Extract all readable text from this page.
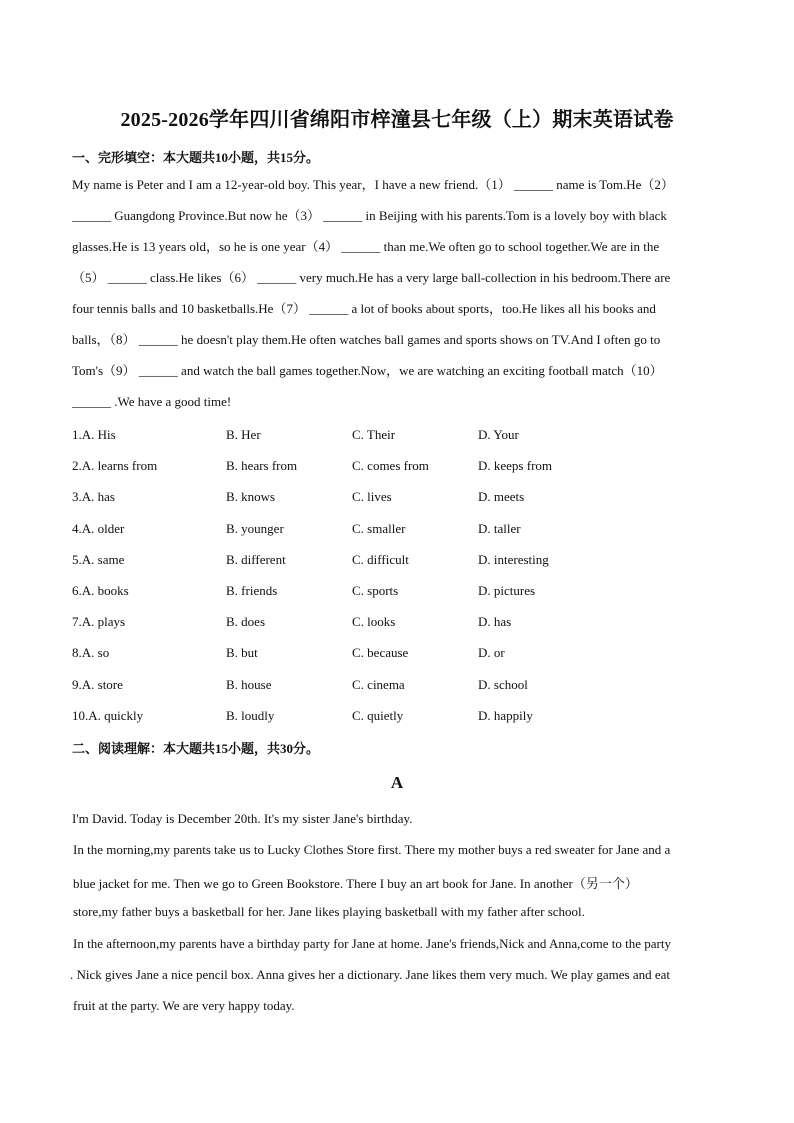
2025-2026学年四川省绵阳市梓潼县七年级（上）期末英语试卷
一、完形填空：本大题共10小题，共15分。
My name is Peter and I am a 12-year-old boy. This year，I have a new friend.（1） ______ name is Tom.He（2）
______ Guangdong Province.But now he（3） ______ in Beijing with his parents.Tom is a lovely boy with black
glasses.He is 13 years old，so he is one year（4） ______ than me.We often go to school together.We are in the
（5） ______ class.He likes（6） ______ very much.He has a very large ball-collection in his bedroom.There are
four tennis balls and 10 basketballs.He（7） ______ a lot of books about sports，too.He likes all his books and
balls，（8） ______ he doesn't play them.He often watches ball games and sports shows on TV.And I often go to
Tom's（9） ______ and watch the ball games together.Now，we are watching an exciting football match（10）
______ .We have a good time!
1.A. His	B. Her	C. Their	D. Your
2.A. learns from	B. hears from	C. comes from	D. keeps from
3.A. has	B. knows	C. lives	D. meets
4.A. older	B. younger	C. smaller	D. taller
5.A. same	B. different	C. difficult	D. interesting
6.A. books	B. friends	C. sports	D. pictures
7.A. plays	B. does	C. looks	D. has
8.A. so	B. but	C. because	D. or
9.A. store	B. house	C. cinema	D. school
10.A. quickly	B. loudly	C. quietly	D. happily
二、阅读理解：本大题共15小题，共30分。
A
I'm David. Today is December 20th. It's my sister Jane's birthday.
In the morning,my parents take us to Lucky Clothes Store first. There my mother buys a red sweater for Jane and a
blue jacket for me. Then we go to Green Bookstore. There I buy an art book for Jane. In another（另一个）
store,my father buys a basketball for her. Jane likes playing basketball with my father after school.
In the afternoon,my parents have a birthday party for Jane at home. Jane's friends,Nick and Anna,come to the party
. Nick gives Jane a nice pencil box. Anna gives her a dictionary. Jane likes them very much. We play games and eat
fruit at the party. We are very happy today.
